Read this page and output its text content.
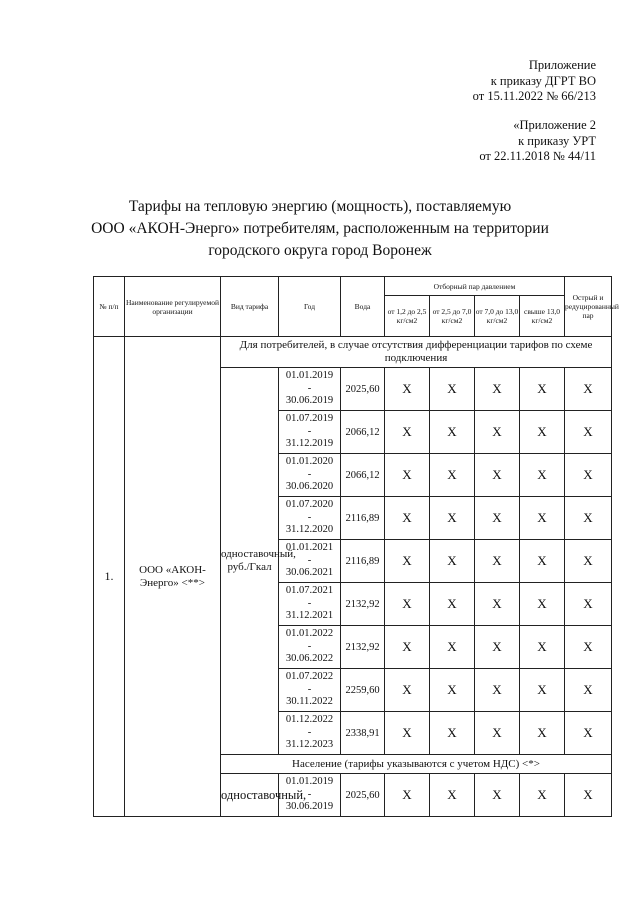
Приложение
к приказу ДГРТ ВО
от 15.11.2022 № 66/213
«Приложение 2
к приказу УРТ
от 22.11.2018 № 44/11
Тарифы на тепловую энергию (мощность), поставляемую
ООО «АКОН-Энерго» потребителям, расположенным на территории
городского округа город Воронеж
№ п/п	Наименование регулируемой организации	Вид тарифа	Год	Вода	Отборный пар давлением				Острый и редуцированный пар
					от 1,2 до 2,5 кг/см2	от 2,5 до 7,0 кг/см2	от 7,0 до 13,0 кг/см2	свыше 13,0 кг/см2	
1.	ООО «АКОН-Энерго» <**>	Для потребителей, в случае отсутствия дифференциации тарифов по схеме подключения							
		одноставочный, руб./Гкал	01.01.2019
-
30.06.2019	2025,60	X	X	X	X	X

			01.07.2019
-
31.12.2019	2066,12	X	X	X	X	X

			01.01.2020
-
30.06.2020	2066,12	X	X	X	X	X

			01.07.2020
-
31.12.2020	2116,89	X	X	X	X	X

			01.01.2021
-
30.06.2021	2116,89	X	X	X	X	X

			01.07.2021
-
31.12.2021	2132,92	X	X	X	X	X

			01.01.2022
-
30.06.2022	2132,92	X	X	X	X	X

			01.07.2022
-
30.11.2022	2259,60	X	X	X	X	X

			01.12.2022
-
31.12.2023	2338,91	X	X	X	X	X
		Население (тарифы указываются с учетом НДС) <*>							
		одноставочный,	01.01.2019
-
30.06.2019	2025,60	X	X	X	X	X
